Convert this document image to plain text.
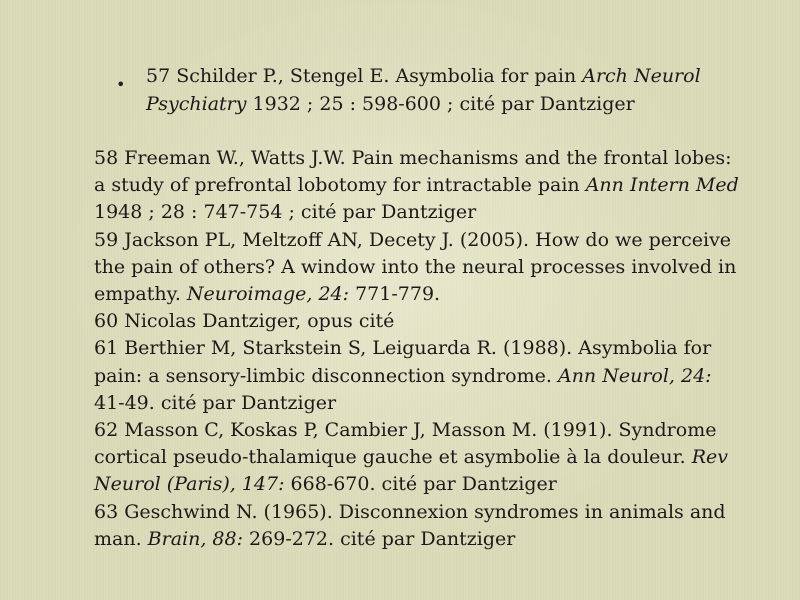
• 57 Schilder P., Stengel E. Asymbolia for pain Arch Neurol Psychiatry 1932 ; 25 : 598-600 ; cité par Dantziger

58 Freeman W., Watts J.W. Pain mechanisms and the frontal lobes: a study of prefrontal lobotomy for intractable pain Ann Intern Med 1948 ; 28 : 747-754 ; cité par Dantziger

59 Jackson PL, Meltzoff AN, Decety J. (2005). How do we perceive the pain of others? A window into the neural processes involved in empathy. Neuroimage, 24: 771-779.

60 Nicolas Dantziger, opus cité

61 Berthier M, Starkstein S, Leiguarda R. (1988). Asymbolia for pain: a sensory-limbic disconnection syndrome. Ann Neurol, 24: 41-49. cité par Dantziger

62 Masson C, Koskas P, Cambier J, Masson M. (1991). Syndrome cortical pseudo-thalamique gauche et asymbolie à la douleur. Rev Neurol (Paris), 147: 668-670. cité par Dantziger

63 Geschwind N. (1965). Disconnexion syndromes in animals and man. Brain, 88: 269-272. cité par Dantziger
